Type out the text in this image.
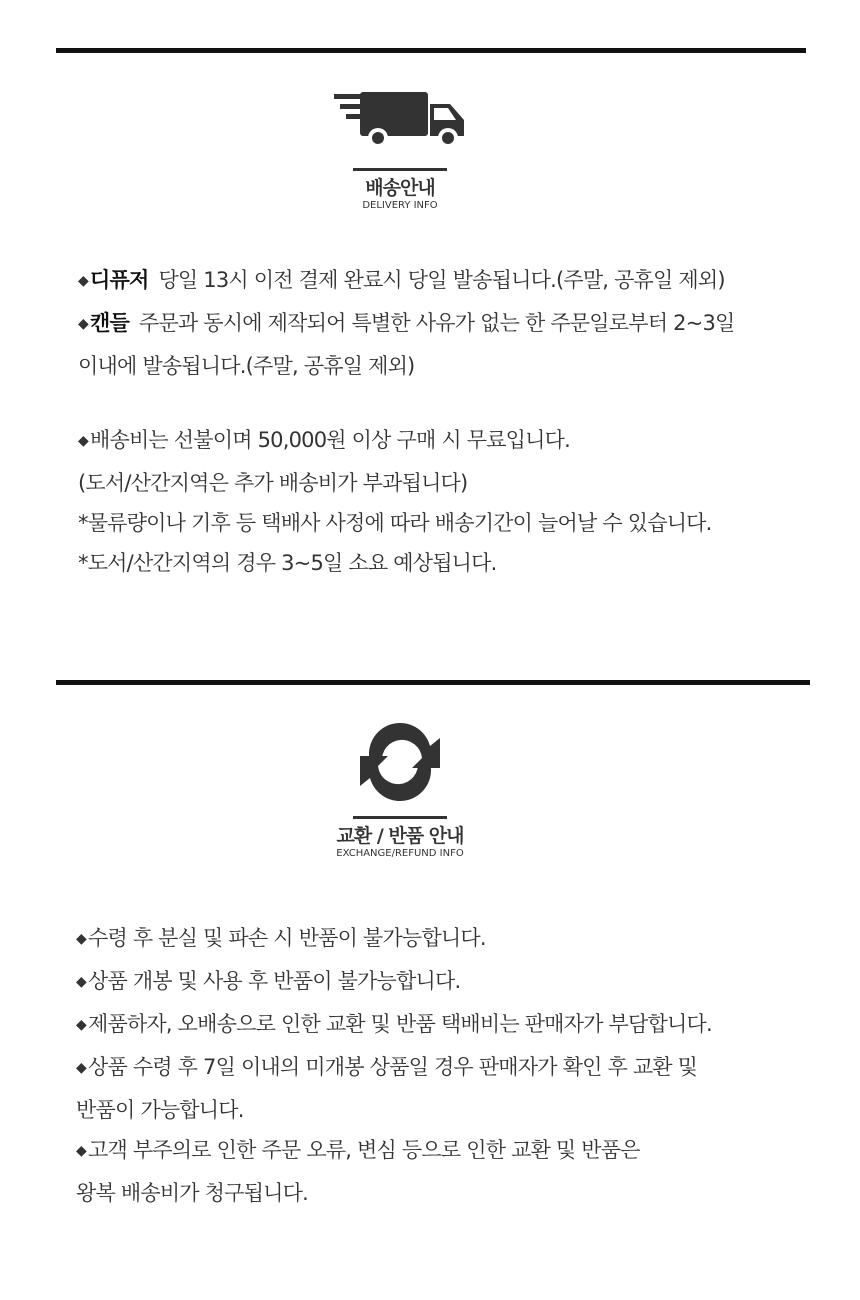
배송안내
DELIVERY INFO
◆디퓨저 당일 13시 이전 결제 완료시 당일 발송됩니다.(주말, 공휴일 제외)
◆캔들 주문과 동시에 제작되어 특별한 사유가 없는 한 주문일로부터 2~3일
이내에 발송됩니다.(주말, 공휴일 제외)
◆배송비는 선불이며 50,000원 이상 구매 시 무료입니다.
(도서/산간지역은 추가 배송비가 부과됩니다)
*물류량이나 기후 등 택배사 사정에 따라 배송기간이 늘어날 수 있습니다.
*도서/산간지역의 경우 3~5일 소요 예상됩니다.
교환 / 반품 안내
EXCHANGE/REFUND INFO
◆수령 후 분실 및 파손 시 반품이 불가능합니다.
◆상품 개봉 및 사용 후 반품이 불가능합니다.
◆제품하자, 오배송으로 인한 교환 및 반품 택배비는 판매자가 부담합니다.
◆상품 수령 후 7일 이내의 미개봉 상품일 경우 판매자가 확인 후 교환 및
반품이 가능합니다.
◆고객 부주의로 인한 주문 오류, 변심 등으로 인한 교환 및 반품은
왕복 배송비가 청구됩니다.
